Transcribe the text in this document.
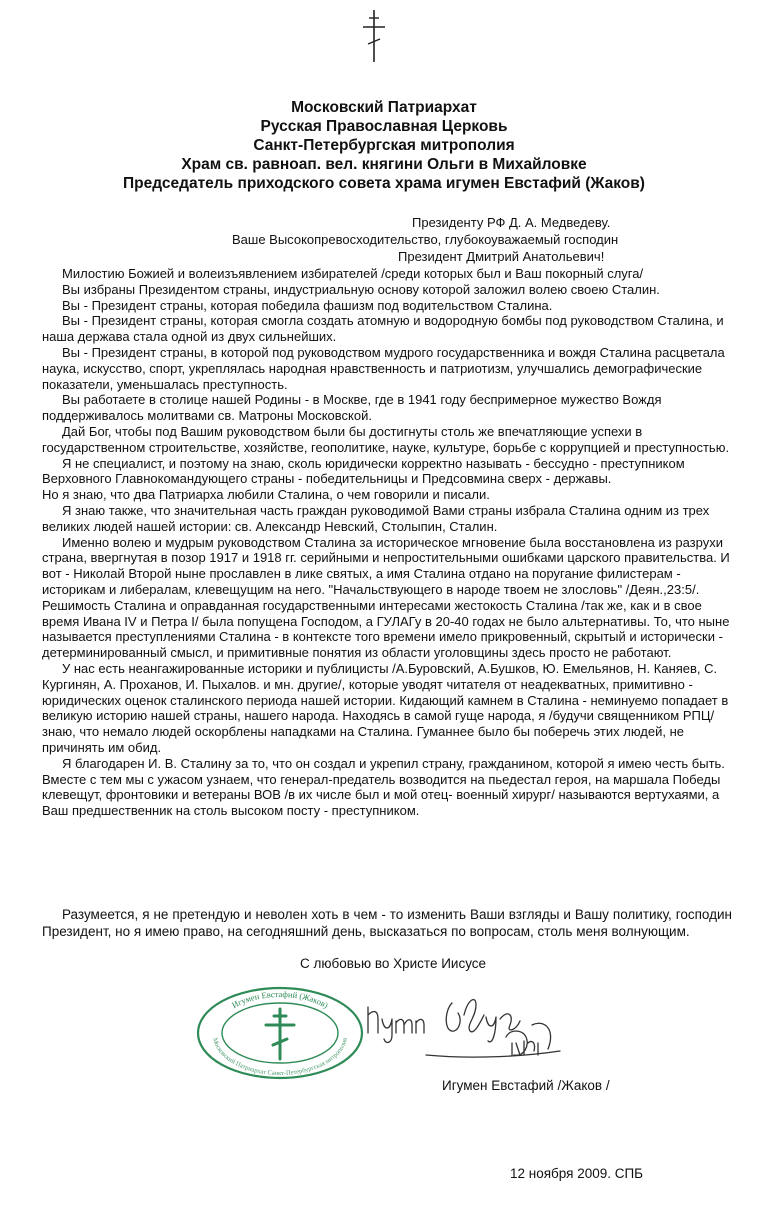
Московский Патриархат
Русская Православная Церковь
Санкт-Петербургская митрополия
Храм св. равноап. вел. княгини Ольги в Михайловке
Председатель приходского совета храма игумен Евстафий (Жаков)
Президенту РФ Д. А. Медведеву.
Ваше Высокопревосходительство, глубокоуважаемый господин
Президент Дмитрий Анатольевич!

Милостию Божией и волеизъявлением избирателей /среди которых был и Ваш покорный слуга/

Вы избраны Президентом страны, индустриальную основу которой заложил волею своею Сталин.

Вы - Президент страны, которая победила фашизм под водительством Сталина.

Вы - Президент страны, которая смогла создать атомную и водородную бомбы под руководством Сталина, и наша держава стала одной из двух сильнейших.

Вы - Президент страны, в которой под руководством мудрого государственника и вождя Сталина расцветала наука, искусство, спорт, укреплялась народная нравственность и патриотизм, улучшались демографические показатели, уменьшалась преступность.

Вы работаете в столице нашей Родины - в Москве, где в 1941 году беспримерное мужество Вождя поддерживалось молитвами св. Матроны Московской.

Дай Бог, чтобы под Вашим руководством были бы достигнуты столь же впечатляющие успехи в государственном строительстве, хозяйстве, геополитике, науке, культуре, борьбе с коррупцией и преступностью.

Я не специалист, и поэтому на знаю, сколь юридически корректно называть - бессудно - преступником Верховного Главнокомандующего страны - победительницы и Предсовмина сверх - державы.

Но я знаю, что два Патриарха любили Сталина, о чем говорили и писали.

Я знаю также, что значительная часть граждан руководимой Вами страны избрала Сталина одним из трех великих людей нашей истории: св. Александр Невский, Столыпин, Сталин.

Именно волею и мудрым руководством Сталина за историческое мгновение была восстановлена из разрухи страна, ввергнутая в позор 1917 и 1918 гг. серийными и непростительными ошибками царского правительства. И вот - Николай Второй ныне прославлен в лике святых, а имя Сталина отдано на поругание филистерам - историкам и либералам, клевещущим на него. "Начальствующего в народе твоем не злословь" /Деян.,23:5/. Решимость Сталина и оправданная государственными интересами жестокость Сталина /так же, как и в свое время Ивана IV и Петра I/ была попущена Господом, а ГУЛАГу в 20-40 годах не было альтернативы. То, что ныне называется преступлениями Сталина - в контексте того времени имело прикровенный, скрытый и исторически - детерминированный смысл, и примитивные понятия из области уголовщины здесь просто не работают.

У нас есть неангажированные историки и публицисты /А.Буровский, А.Бушков, Ю. Емельянов, Н. Каняев, С. Кургинян, А. Проханов, И. Пыхалов. и мн. другие/, которые уводят читателя от неадекватных, примитивно - юридических оценок сталинского периода нашей истории. Кидающий камнем в Сталина - неминуемо попадает в великую историю нашей страны, нашего народа. Находясь в самой гуще народа, я /будучи священником РПЦ/ знаю, что немало людей оскорблены нападками на Сталина. Гуманнее было бы поберечь этих людей, не причинять им обид.

Я благодарен И. В. Сталину за то, что он создал и укрепил страну, гражданином, которой я имею честь быть. Вместе с тем мы с ужасом узнаем, что генерал-предатель возводится на пьедестал героя, на маршала Победы клевещут, фронтовики и ветераны ВОВ /в их числе был и мой отец- военный хирург/ называются вертухаями, а Ваш предшественник на столь высоком посту - преступником.

Разумеется, я не претендую и неволен хоть в чем - то изменить Ваши взгляды и Вашу политику, господин Президент, но я имею право, на сегодняшний день, высказаться по вопросам, столь меня волнующим.
С любовью во Христе Иисусе
Игумен Евстафий (Жаков)
Московский Патриархат Санкт-Петербургская митрополия
Игумен Евстафий /Жаков /
12 ноября 2009. СПБ
